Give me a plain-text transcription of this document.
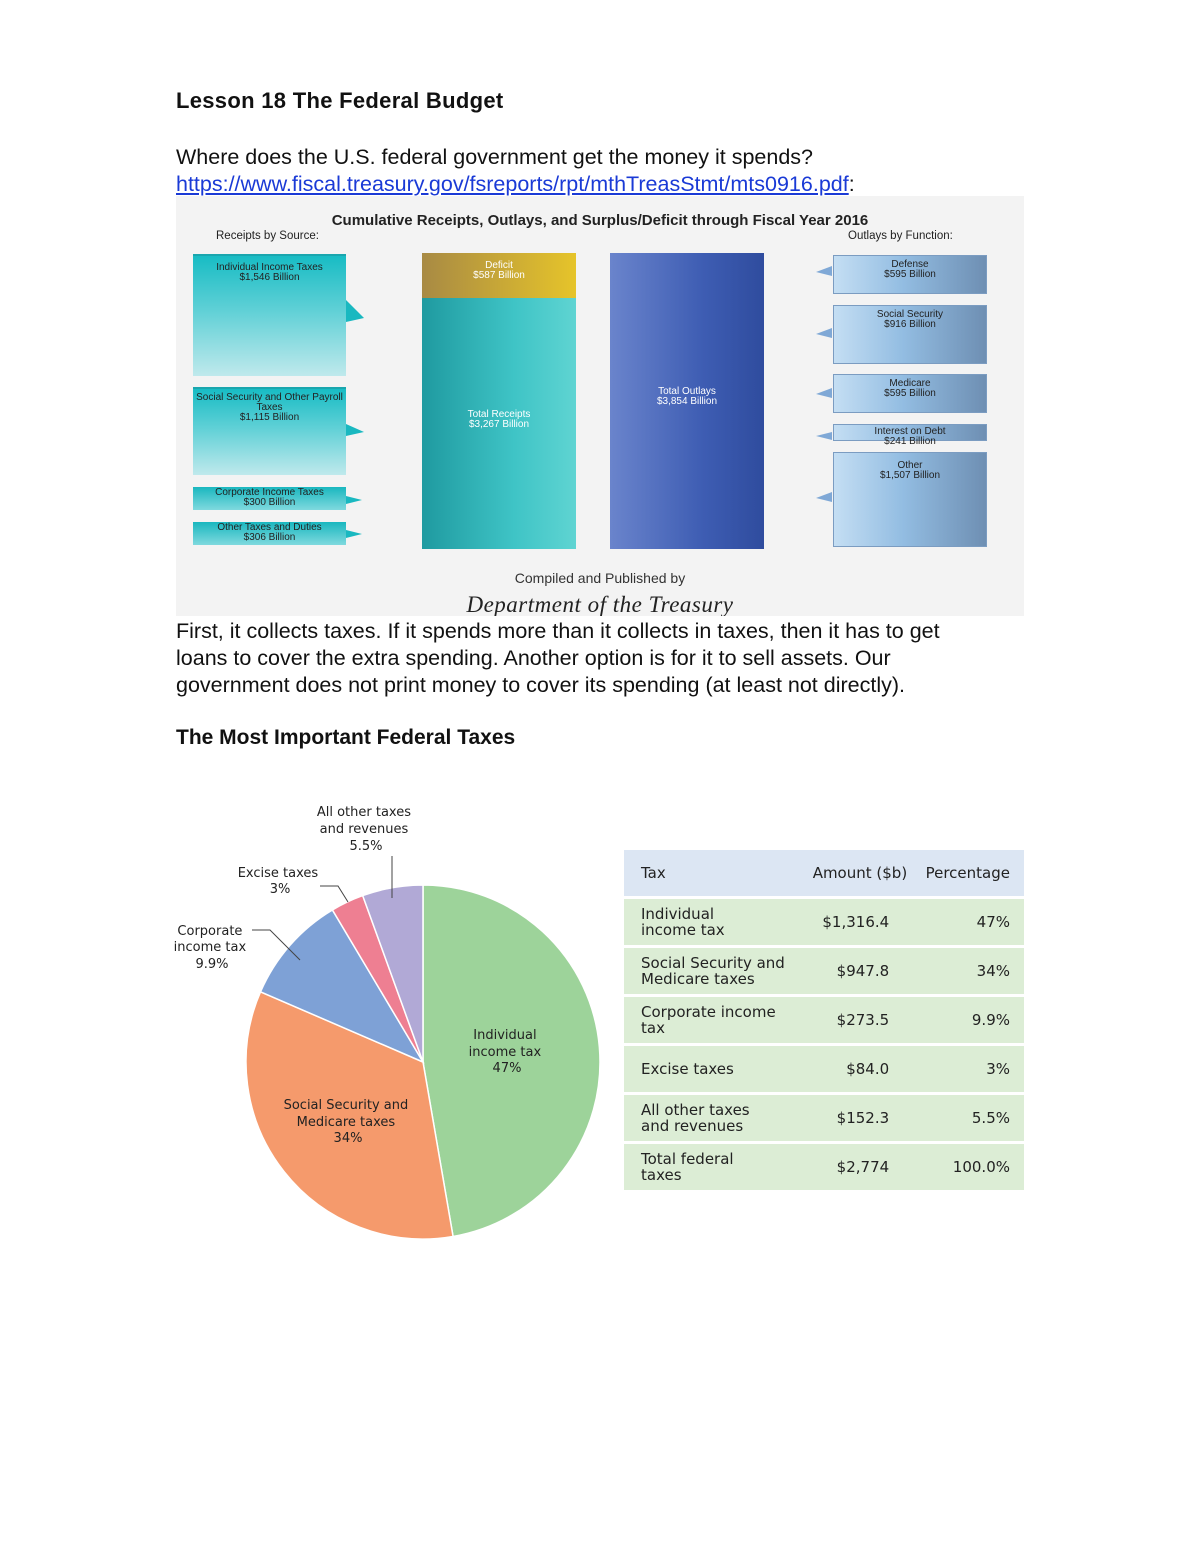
Lesson 18 The Federal Budget
Where does the U.S. federal government get the money it spends?
https://www.fiscal.treasury.gov/fsreports/rpt/mthTreasStmt/mts0916.pdf:
Cumulative Receipts, Outlays, and Surplus/Deficit through Fiscal Year 2016
Receipts by Source:	Outlays by Function:
Individual Income Taxes
$1,546 Billion
Social Security and Other Payroll Taxes
$1,115 Billion
Corporate Income Taxes
$300 Billion
Other Taxes and Duties
$306 Billion
Deficit
$587 Billion
Total Receipts
$3,267 Billion
Total Outlays
$3,854 Billion
Defense
$595 Billion
Social Security
$916 Billion
Medicare
$595 Billion
Interest on Debt
$241 Billion
Other
$1,507 Billion
Compiled and Published by
Department of the Treasury
First, it collects taxes. If it spends more than it collects in taxes, then it has to get
loans to cover the extra spending. Another option is for it to sell assets. Our
government does not print money to cover its spending (at least not directly).
The Most Important Federal Taxes
Individual income tax 47%
Social Security and Medicare taxes 34%
Corporate income tax 9.9%
Excise taxes 3%
All other taxes and revenues 5.5%
Tax	Amount ($b)	Percentage

Individual
income tax	$1,316.4	47%

Social Security and
Medicare taxes	$947.8	34%

Corporate income
tax	$273.5	9.9%

Excise taxes	$84.0	3%

All other taxes
and revenues	$152.3	5.5%

Total federal
taxes	$2,774	100.0%
